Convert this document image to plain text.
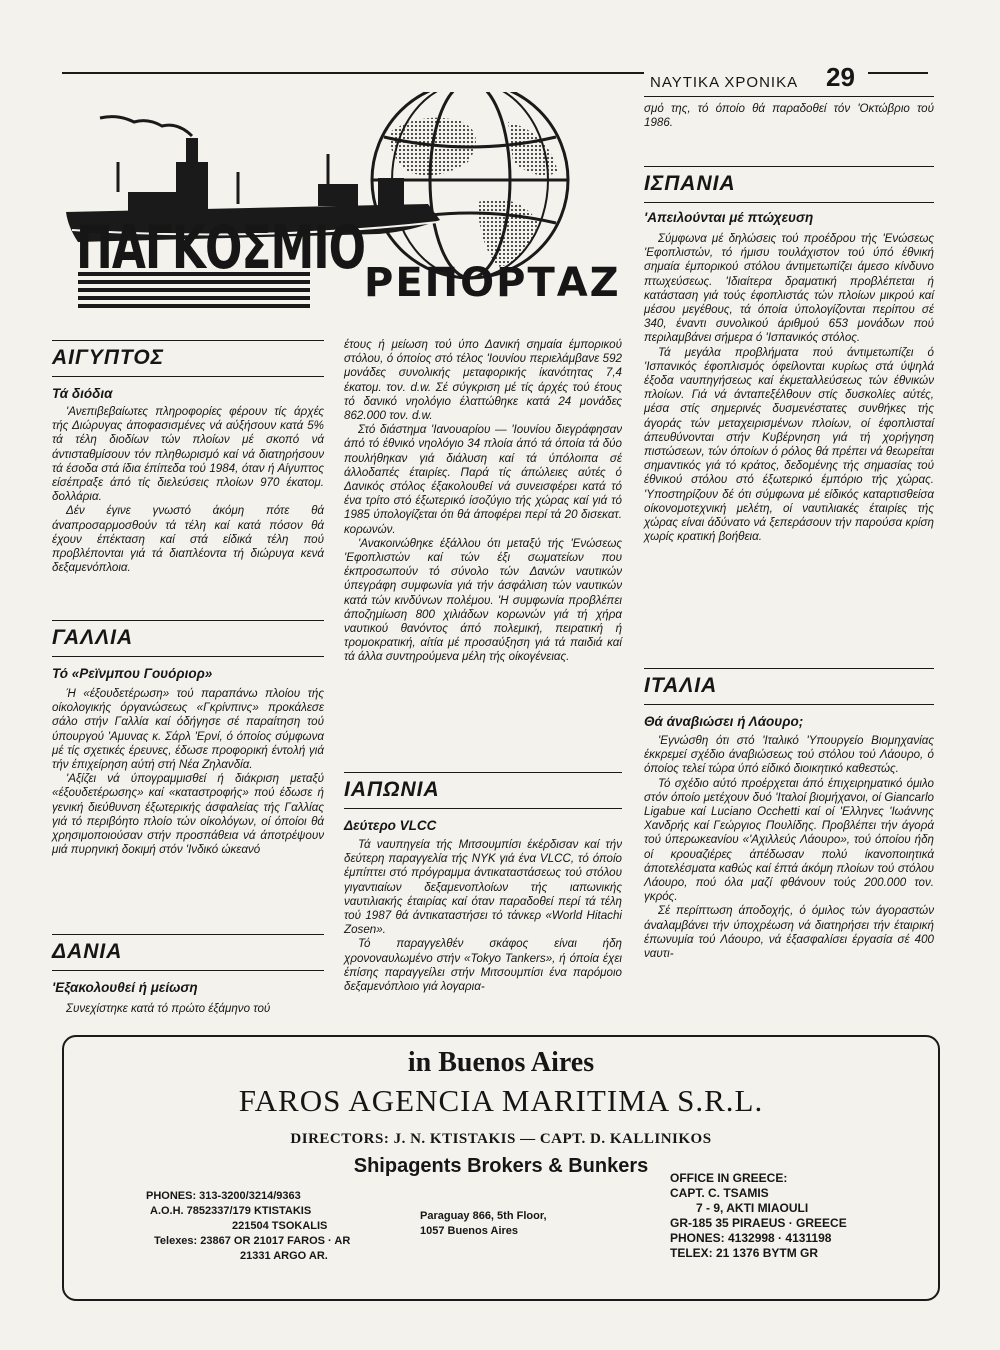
ΝΑΥΤΙΚΑ ΧΡΟΝΙΚΑ 29
ΠΑΓΚΟΣΜΙΟ
ΡΕΠΟΡΤΑΖ
ΑΙΓΥΠΤΟΣ
Τά διόδια

'Ανεπιβεβαίωτες πληροφορίες φέρουν τίς άρχές τής Διώρυγας άποφασισμένες νά αύξήσουν κατά 5% τά τέλη διοδίων τών πλοίων μέ σκοπό νά άντισταθμίσουν τόν πληθωρισμό καί νά διατηρήσουν τά έσοδα στά ίδια έπίπεδα τού 1984, όταν ή Αίγυπτος είσέπραξε άπό τίς διελεύσεις πλοίων 970 έκατομ. δολλάρια.

Δέν έγινε γνωστό άκόμη πότε θά άναπροσαρμοσθούν τά τέλη καί κατά πόσον θά έχουν έπέκταση καί στά είδικά τέλη πού προβλέπονται γιά τά διαπλέοντα τή διώρυγα κενά δεξαμενόπλοια.

ΓΑΛΛΙΑ
Τό «Ρεϊνμπου Γουόριορ»

Ή «έξουδετέρωση» τού παραπάνω πλοίου τής οίκολογικής όργανώσεως «Γκρίνπινς» προκάλεσε σάλο στήν Γαλλία καί όδήγησε σέ παραίτηση τού ύπουργού 'Αμυνας κ. Σάρλ 'Ερνί, ό όποίος σύμφωνα μέ τίς σχετικές έρευνες, έδωσε προφορική έντολή γιά τήν έπιχείρηση αύτή στή Νέα Ζηλανδία.

'Αξίζει νά ύπογραμμισθεί ή διάκριση μεταξύ «έξουδετέρωσης» καί «καταστροφής» πού έδωσε ή γενική διεύθυνση έξωτερικής άσφαλείας τής Γαλλίας γιά τό περιβόητο πλοίο τών οίκολόγων, οί όποίοι θά χρησιμοποιούσαν στήν προσπάθεια νά άποτρέψουν μιά πυρηνική δοκιμή στόν 'Ινδικό ώκεανό

ΔΑΝΙΑ
'Εξακολουθεί ή μείωση

Συνεχίστηκε κατά τό πρώτο έξάμηνο τού

έτους ή μείωση τού ύπο Δανική σημαία έμπορικού στόλου, ό όποίος στό τέλος 'Ιουνίου περιελάμβανε 592 μονάδες συνολικής μεταφορικής ίκανότητας 7,4 έκατομ. τον. d.w. Σέ σύγκριση μέ τίς άρχές τού έτους τό δανικό νηολόγιο έλαττώθηκε κατά 24 μονάδες 862.000 τον. d.w.

Στό διάστημα 'Ιανουαρίου — 'Ιουνίου διεγράφησαν άπό τό έθνικό νηολόγιο 34 πλοία άπό τά όποία τά δύο πουλήθηκαν γιά διάλυση καί τά ύπόλοιπα σέ άλλοδαπές έταιρίες. Παρά τίς άπώλειες αύτές ό Δανικός στόλος έξακολουθεί νά συνεισφέρει κατά τό ένα τρίτο στό έξωτερικό ίσοζύγιο τής χώρας καί γιά τό 1985 ύπολογίζεται ότι θά άποφέρει περί τά 20 δισεκατ. κορωνών.

'Ανακοινώθηκε έξάλλου ότι μεταξύ τής 'Ενώσεως 'Εφοπλιστών καί τών έξι σωματείων που έκπροσωπούν τό σύνολο τών Δανών ναυτικών ύπεγράφη συμφωνία γιά τήν άσφάλιση τών ναυτικών κατά τών κινδύνων πολέμου. 'Η συμφωνία προβλέπει άποζημίωση 800 χιλιάδων κορωνών γιά τή χήρα ναυτικού θανόντος άπό πολεμική, πειρατική ή τρομοκρατική, αίτία μέ προσαύξηση γιά τά παιδιά καί τά άλλα συντηρούμενα μέλη τής οίκογένειας.

ΙΑΠΩΝΙΑ
Δεύτερο VLCC

Τά ναυπηγεία τής Μιτσουμπίσι έκέρδισαν καί τήν δεύτερη παραγγελία τής NYK γιά ένα VLCC, τό όποίο έμπίπτει στό πρόγραμμα άντικαταστάσεως τού στόλου γιγαντιαίων δεξαμενοπλοίων τής ιαπωνικής ναυτιλιακής έταιρίας καί όταν παραδοθεί περί τά τέλη τού 1987 θά άντικαταστήσει τό τάνκερ «World Hitachi Zosen».

Τό παραγγελθέν σκάφος είναι ήδη χρονοναυλωμένο στήν «Tokyo Tankers», ή όποία έχει έπίσης παραγγείλει στήν Μιτσουμπίσι ένα παρόμοιο δεξαμενόπλοιο γιά λογαρια-

σμό της, τό όποίο θά παραδοθεί τόν 'Οκτώβριο τού 1986.

ΙΣΠΑΝΙΑ
'Απειλούνται μέ πτώχευση

Σύμφωνα μέ δηλώσεις τού προέδρου τής 'Ενώσεως 'Εφοπλιστών, τό ήμισυ τουλάχιστον τού ύπό έθνική σημαία έμπορικού στόλου άντιμετωπίζει άμεσο κίνδυνο πτωχεύσεως. 'Ιδιαίτερα δραματική προβλέπεται ή κατάσταση γιά τούς έφοπλιστάς τών πλοίων μικρού καί μέσου μεγέθους, τά όποία ύπολογίζονται περίπου σέ 340, έναντι συνολικού άριθμού 653 μονάδων πού περιλαμβάνει σήμερα ό 'Ισπανικός στόλος.

Τά μεγάλα προβλήματα πού άντιμετωπίζει ό 'Ισπανικός έφοπλισμός όφείλονται κυρίως στά ύψηλά έξοδα ναυπηγήσεως καί έκμεταλλεύσεως τών έθνικών πλοίων. Γιά νά άνταπεξέλθουν στίς δυσκολίες αύτές, μέσα στίς σημερινές δυσμενέστατες συνθήκες τής άγοράς τών μεταχειρισμένων πλοίων, οί έφοπλισταί άπευθύνονται στήν Κυβέρνηση γιά τή χορήγηση πιστώσεων, τών όποίων ό ρόλος θά πρέπει νά θεωρείται σημαντικός γιά τό κράτος, δεδομένης τής σημασίας τού έθνικού στόλου στό έξωτερικό έμπόριο τής χώρας. 'Υποστηρίζουν δέ ότι σύμφωνα μέ είδικός καταρτισθείσα οίκονομοτεχνική μελέτη, οί ναυτιλιακές έταιρίες τής χώρας είναι άδύνατο νά ξεπεράσουν τήν παρούσα κρίση χωρίς κρατική βοήθεια.

ΙΤΑΛΙΑ
Θά άναβιώσει ή Λάουρο;

'Εγνώσθη ότι στό 'Ιταλικό 'Υπουργείο Βιομηχανίας έκκρεμεί σχέδιο άναβιώσεως τού στόλου τού Λάουρο, ό όποίος τελεί τώρα ύπό είδικό διοικητικό καθεστώς.

Τό σχέδιο αύτό προέρχεται άπό έπιχειρηματικό όμιλο στόν όποίο μετέχουν δυό 'Ιταλοί βιομήχανοι, οί Giancarlo Ligabue καί Luciano Occhetti καί οί 'Ελληνες 'Ιωάννης Χανδρής καί Γεώργιος Πουλίδης. Προβλέπει τήν άγορά τού ύπερωκεανίου «'Αχιλλεύς Λάουρο», τού όποίου ήδη οί κρουαζιέρες άπέδωσαν πολύ ίκανοποιητικά άποτελέσματα καθώς καί έπτά άκόμη πλοίων τού στόλου Λάουρο, πού όλα μαζί φθάνουν τούς 200.000 τον. γκρός.

Σέ περίπτωση άποδοχής, ό όμιλος τών άγοραστών άναλαμβάνει τήν ύποχρέωση νά διατηρήσει τήν έταιρική έπωνυμία τού Λάουρο, νά έξασφαλίσει έργασία σέ 400 ναυτι-

in Buenos Aires
FAROS AGENCIA MARITIMA S.R.L.
DIRECTORS: J. N. KTISTAKIS — CAPT. D. KALLINIKOS
Shipagents Brokers & Bunkers
PHONES: 313-3200/3214/9363
A.O.H. 7852337/179 KTISTAKIS
221504 TSOKALIS
Telexes: 23867 OR 21017 FAROS · AR
21331 ARGO AR.
Paraguay 866, 5th Floor,
1057 Buenos Aires
OFFICE IN GREECE:
CAPT. C. TSAMIS
7 - 9, AKTI MIAOULI
GR-185 35 PIRAEUS · GREECE
PHONES: 4132998 · 4131198
TELEX: 21 1376 BYTM GR
